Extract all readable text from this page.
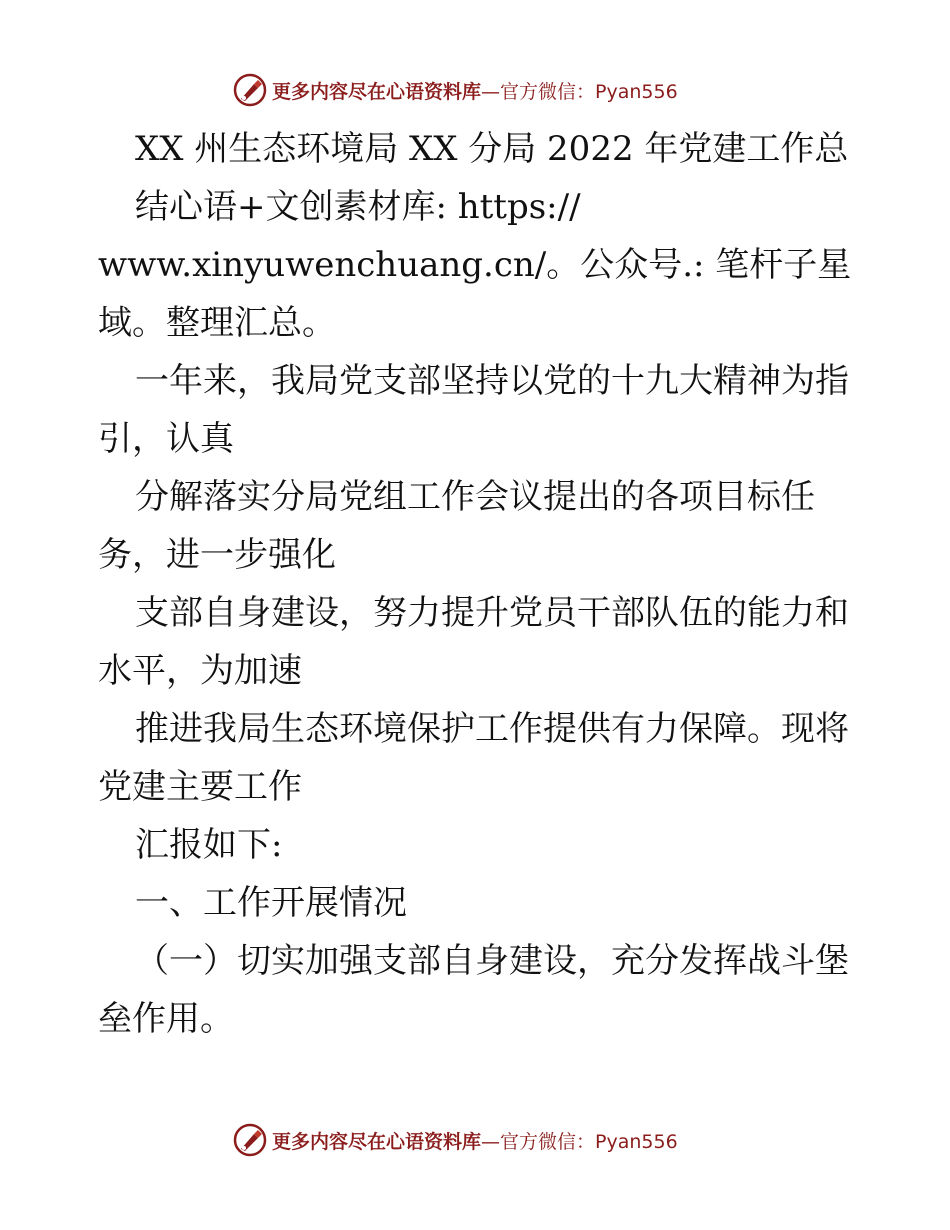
更多内容尽在心语资料库 —官方微信：Pyan556
XX 州生态环境局 XX 分局 2022 年党建工作总
结心语+文创素材库: https://
www.xinyuwenchuang.cn/。公众号.: 笔杆子星
域。整理汇总。
一年来，我局党支部坚持以党的十九大精神为指
引，认真
分解落实分局党组工作会议提出的各项目标任
务，进一步强化
支部自身建设，努力提升党员干部队伍的能力和
水平，为加速
推进我局生态环境保护工作提供有力保障。现将
党建主要工作
汇报如下:
一、工作开展情况
（一）切实加强支部自身建设，充分发挥战斗堡
垒作用。
更多内容尽在心语资料库 —官方微信：Pyan556
